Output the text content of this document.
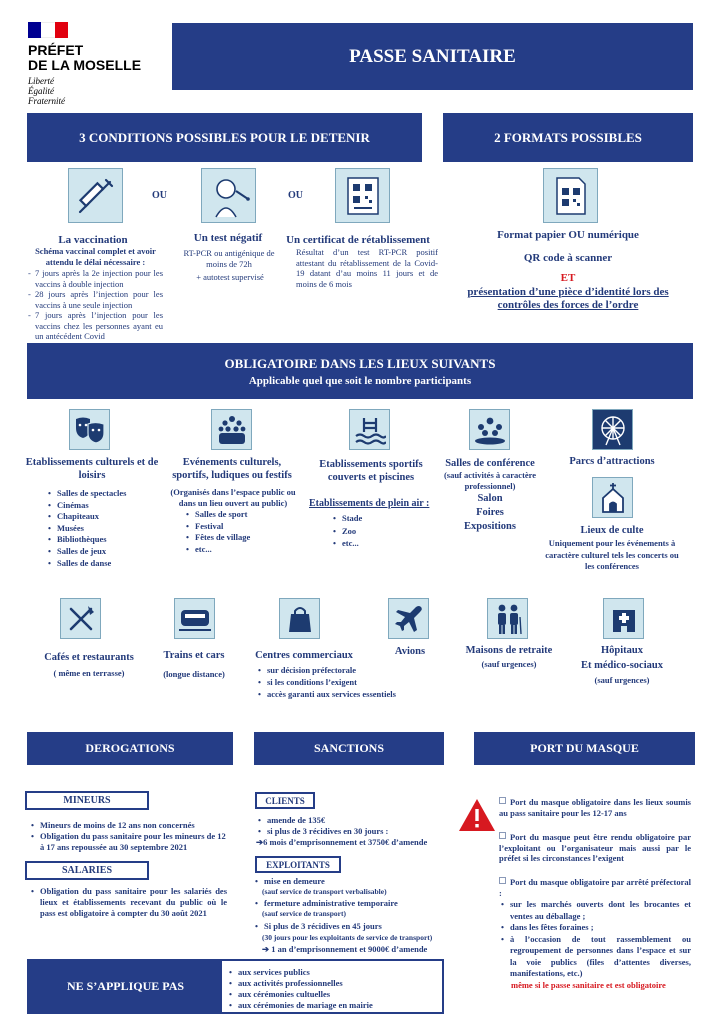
PRÉFET
DE LA MOSELLE
Liberté
Égalité
Fraternité
PASSE SANITAIRE
3 CONDITIONS POSSIBLES POUR LE DETENIR	2 FORMATS POSSIBLES
OU
La vaccination
Schéma vaccinal complet et avoir attendu le délai nécessaire :
- 7 jours après la 2e injection pour les vaccins à double injection
- 28 jours après l’injection pour les vaccins à une seule injection
- 7 jours après l’injection pour les vaccins chez les personnes ayant eu un antécédent Covid
OU
Un test négatif
RT-PCR ou antigénique de moins de 72h
+ autotest supervisé
Un certificat de rétablissement
Résultat d’un test RT-PCR positif attestant du rétablissement de la Covid-19 datant d’au moins 11 jours et de moins de 6 mois
Format papier OU numérique
QR code à scanner
ET
présentation d’une pièce d’identité lors des
contrôles des forces de l’ordre
OBLIGATOIRE DANS LES LIEUX SUIVANTS
Applicable quel que soit le nombre participants
Etablissements culturels et de loisirs
• Salles de spectacles
• Cinémas
• Chapiteaux
• Musées
• Bibliothèques
• Salles de jeux
• Salles de danse
Evénements culturels, sportifs, ludiques ou festifs
(Organisés dans l’espace public ou dans un lieu ouvert au public)
• Salles de sport
• Festival
• Fêtes de village
• etc...
Etablissements sportifs couverts et piscines
Etablissements de plein air :
• Stade
• Zoo
• etc...
Salles de conférence
(sauf activités à caractère professionnel)
Salon
Foires
Expositions
Parcs d’attractions
Lieux de culte
Uniquement pour les événements à caractère culturel tels les concerts ou les conférences
Cafés et restaurants
( même en terrasse)
Trains et cars
(longue distance)
Centres commerciaux
• sur décision préfectorale
• si les conditions l’exigent
• accès garanti aux services essentiels
Avions	Maisons de retraite
(sauf urgences)
Hôpitaux
Et médico-sociaux
(sauf urgences)
DEROGATIONS	SANCTIONS	PORT DU MASQUE
MINEURS
• Mineurs de moins de 12 ans non concernés
• Obligation du pass sanitaire pour les mineurs de 12 à 17 ans repoussée au 30 septembre 2021
SALARIES
• Obligation du pass sanitaire pour les salariés des lieux et établissements recevant du public où le pass est obligatoire à compter du 30 août 2021
CLIENTS
• amende de 135€
• si plus de 3 récidives en 30 jours :
➔6 mois d’emprisonnement et 3750€ d’amende
EXPLOITANTS
• mise en demeure
(sauf service de transport verbalisable)
• fermeture administrative temporaire
(sauf service de transport)
• Si plus de 3 récidives en 45 jours
(30 jours pour les exploitants de service de transport)
➔ 1 an d’emprisonnement et 9000€ d’amende
Port du masque obligatoire dans les lieux soumis au pass sanitaire pour les 12-17 ans
Port du masque peut être rendu obligatoire par l’exploitant ou l’organisateur mais aussi par le préfet si les circonstances l’exigent
Port du masque obligatoire par arrêté préfectoral :
• sur les marchés ouverts dont les brocantes et ventes au déballage ;
• dans les fêtes foraines ;
• à l’occasion de tout rassemblement ou regroupement de personnes dans l’espace et sur la voie publics (files d’attentes diverses, manifestations, etc.)
même si le passe sanitaire et est obligatoire
NE S’APPLIQUE PAS
• aux services publics
• aux activités professionnelles
• aux cérémonies cultuelles
• aux cérémonies de mariage en mairie
